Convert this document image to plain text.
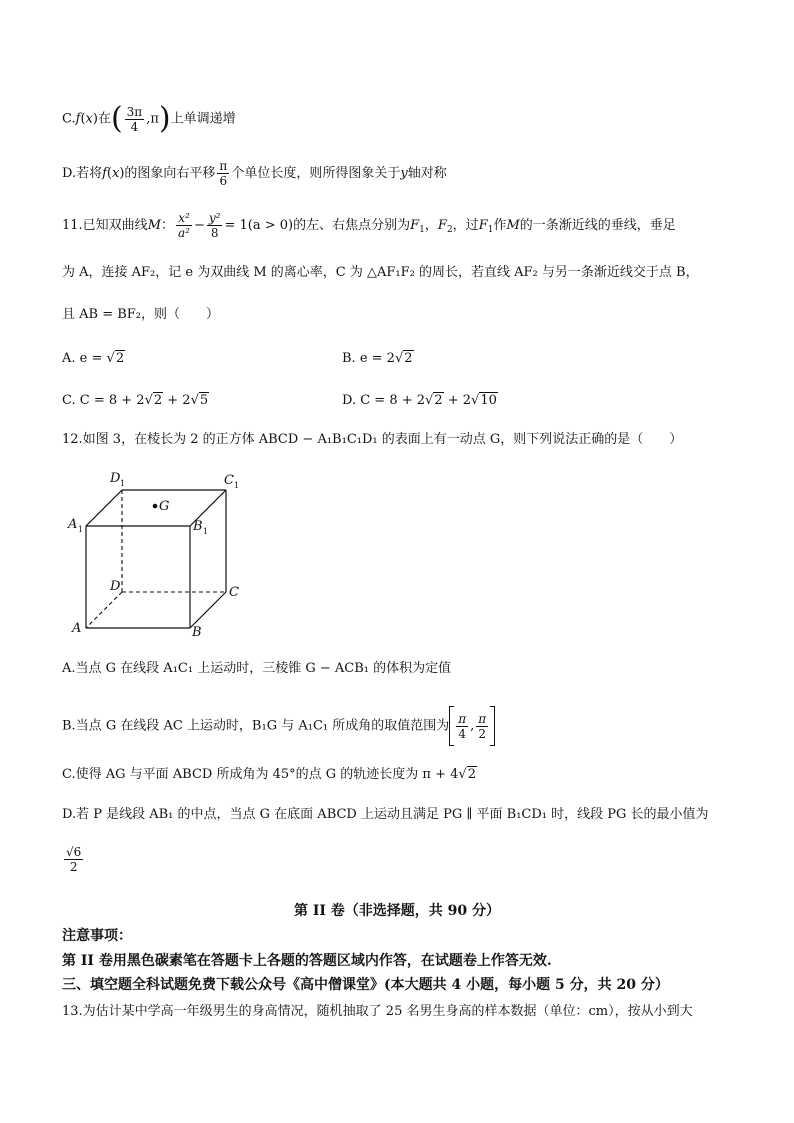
C.f(x)在( $\frac{3\pi}{4} ,\pi$)上单调递增
D.若将f(x)的图象向右平移 $\frac{\pi}{6}$ 个单位长度，则所得图象关于y轴对称
11.已知双曲线M： $\frac{\text{x²}}{\text{a²}} - \frac{\text{y²}}{8} = 1(a > 0)$的左、右焦点分别为$F_1$，$F_2$，过$F_1$作M的一条渐近线的垂线，垂足
为 A，连接 AF₂，记 e 为双曲线 M 的离心率，C 为 △AF₁F₂ 的周长，若直线 AF₂ 与另一条渐近线交于点 B，
且 AB = BF₂，则（　　）
A. e = √2	B. e = 2√2
C. C = 8 + 2√2 + 2√5	D. C = 8 + 2√2 + 2√10
12.如图 3，在棱长为 2 的正方体 ABCD − A₁B₁C₁D₁ 的表面上有一动点 G，则下列说法正确的是（　　）
D 1	C 1
A 1	B 1
G
D	C
A	B
A.当点 G 在线段 A₁C₁ 上运动时，三棱锥 G − ACB₁ 的体积为定值
B.当点 G 在线段 AC 上运动时，B₁G 与 A₁C₁ 所成角的取值范围为 $\frac{\pi}{4}$ , $\frac{\pi}{2}$
C.使得 AG 与平面 ABCD 所成角为 45°的点 G 的轨迹长度为 π + 4√2
D.若 P 是线段 AB₁ 的中点，当点 G 在底面 ABCD 上运动且满足 PG ∥ 平面 B₁CD₁ 时，线段 PG 长的最小值为
$\frac{√6}{2}$
第 II 卷（非选择题，共 90 分）
注意事项：
第 II 卷用黑色碳素笔在答题卡上各题的答题区域内作答，在试题卷上作答无效.
三、填空题全科试题免费下载公众号《高中僧课堂》(本大题共 4 小题，每小题 5 分，共 20 分）
13.为估计某中学高一年级男生的身高情况，随机抽取了 25 名男生身高的样本数据（单位：cm），按从小到大
